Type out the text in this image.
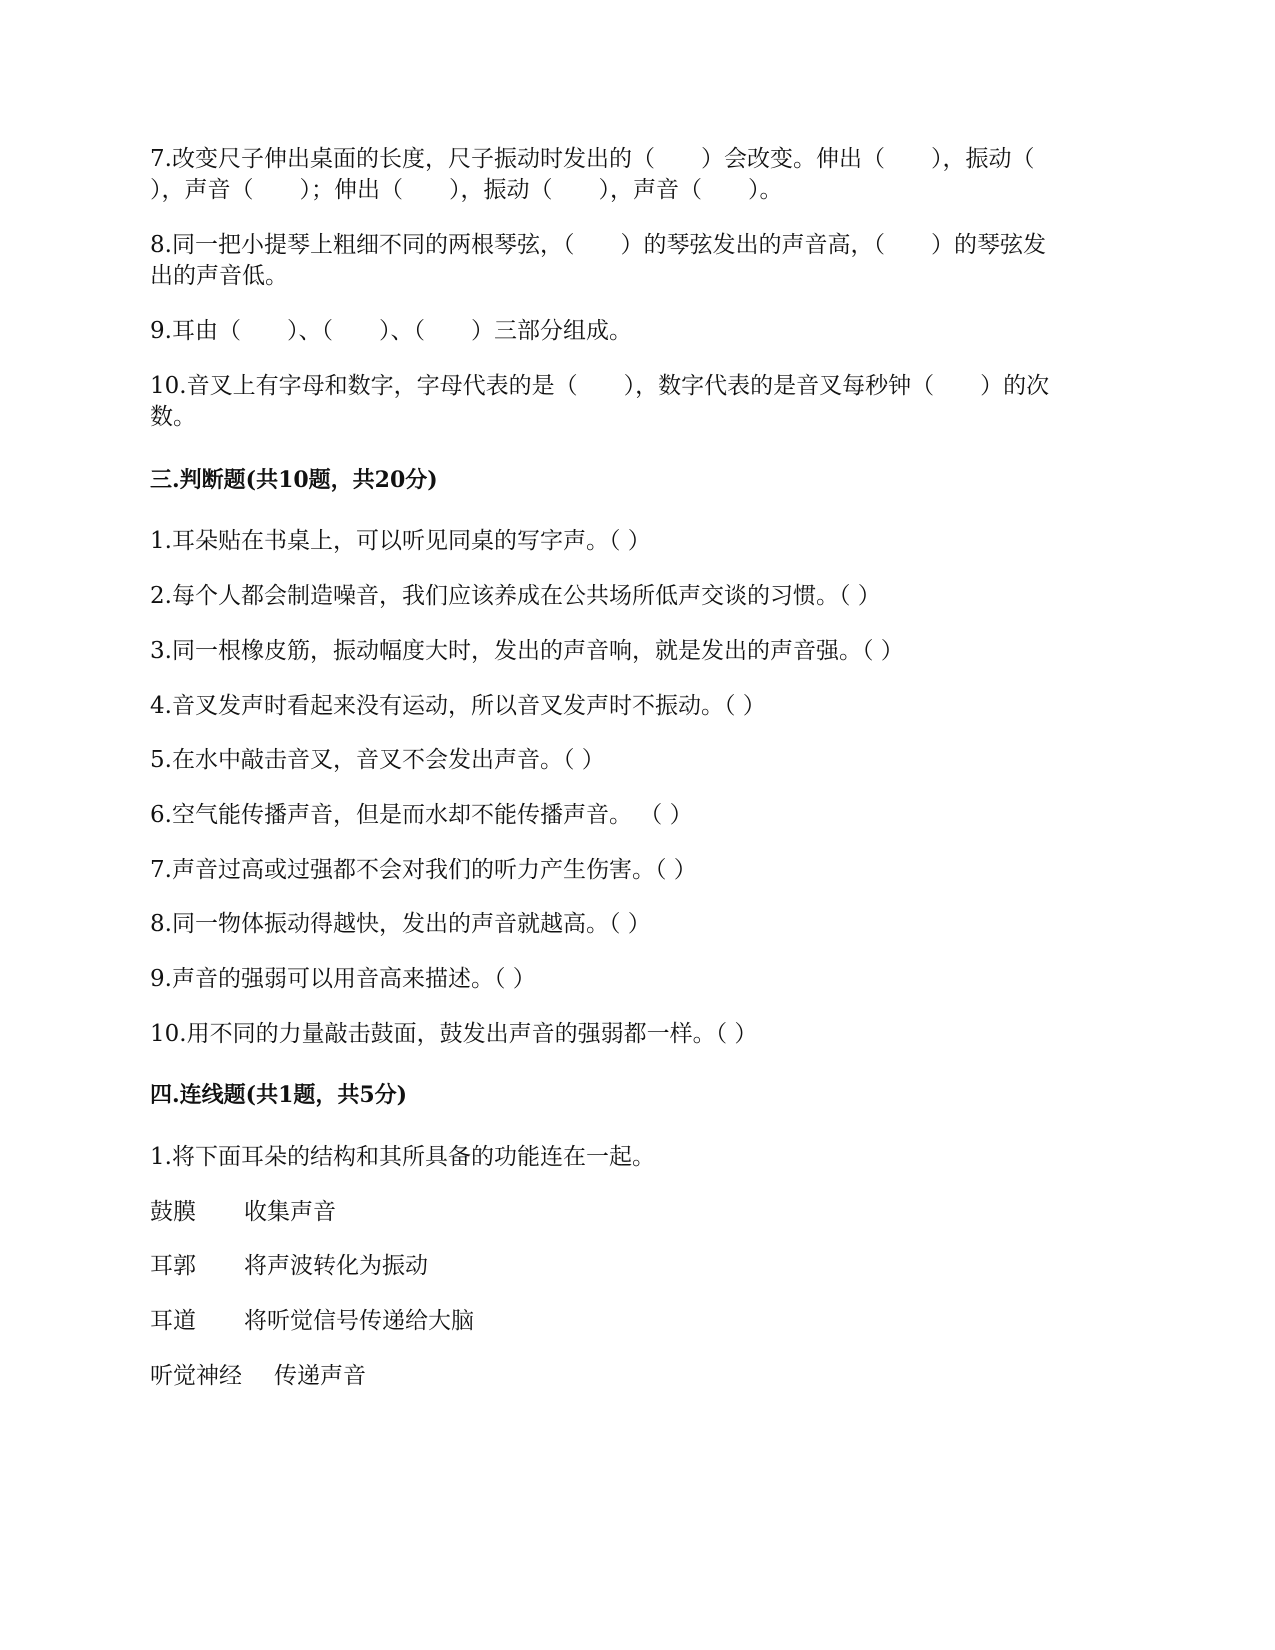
7.改变尺子伸出桌面的长度，尺子振动时发出的（　　）会改变。伸出（　　），振动（
），声音（　　）；伸出（　　），振动（　　），声音（　　）。
8.同一把小提琴上粗细不同的两根琴弦，（　　）的琴弦发出的声音高，（　　）的琴弦发
出的声音低。
9.耳由（　　）、（　　）、（　　）三部分组成。
10.音叉上有字母和数字，字母代表的是（　　），数字代表的是音叉每秒钟（　　）的次
数。
三.判断题(共10题，共20分)
1.耳朵贴在书桌上，可以听见同桌的写字声。（ ）
2.每个人都会制造噪音，我们应该养成在公共场所低声交谈的习惯。（ ）
3.同一根橡皮筋，振动幅度大时，发出的声音响，就是发出的声音强。（ ）
4.音叉发声时看起来没有运动，所以音叉发声时不振动。（ ）
5.在水中敲击音叉，音叉不会发出声音。（ ）
6.空气能传播声音，但是而水却不能传播声音。 （ ）
7.声音过高或过强都不会对我们的听力产生伤害。（ ）
8.同一物体振动得越快，发出的声音就越高。（ ）
9.声音的强弱可以用音高来描述。（ ）
10.用不同的力量敲击鼓面，鼓发出声音的强弱都一样。（ ）
四.连线题(共1题，共5分)
1.将下面耳朵的结构和其所具备的功能连在一起。
鼓膜 收集声音
耳郭 将声波转化为振动
耳道 将听觉信号传递给大脑
听觉神经 传递声音
